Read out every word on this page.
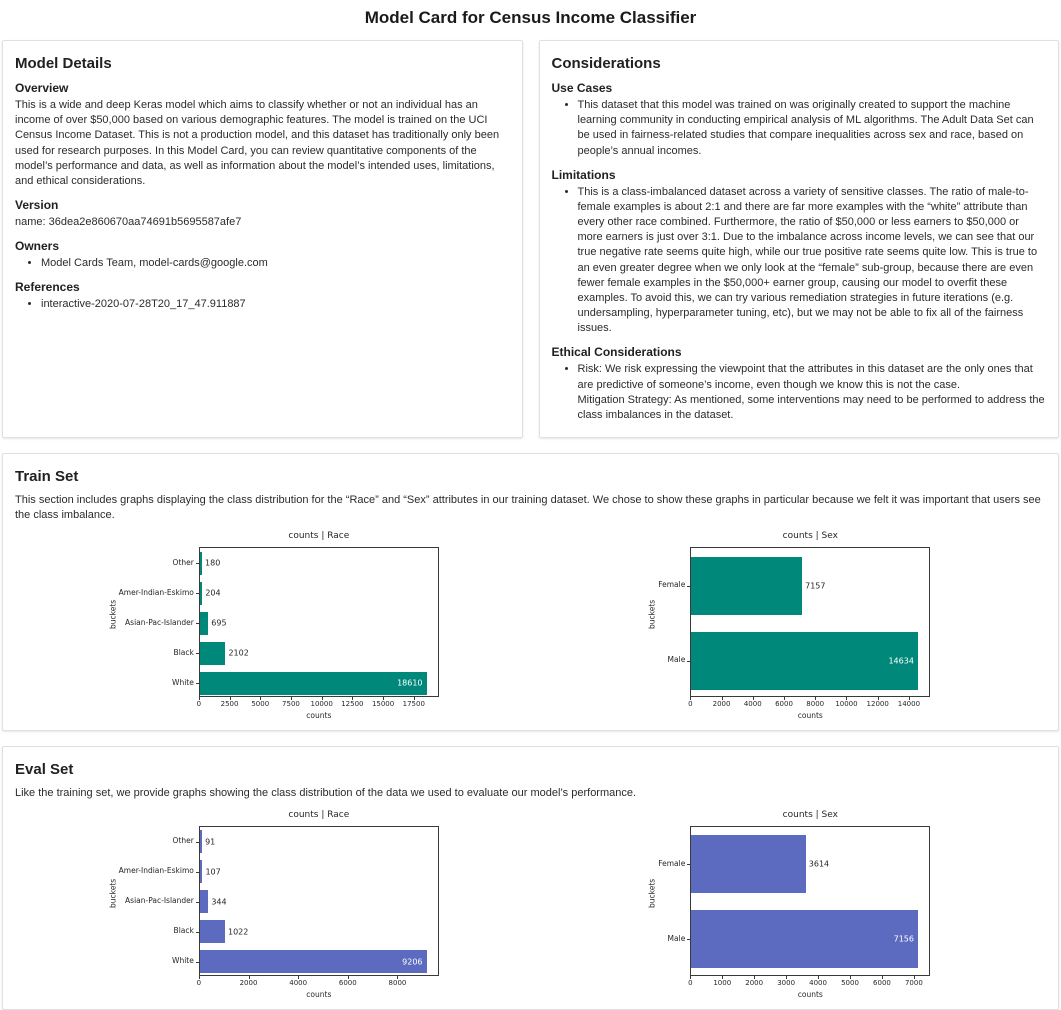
Model Card for Census Income Classifier
Model Details
Overview

This is a wide and deep Keras model which aims to classify whether or not an individual has an income of over $50,000 based on various demographic features. The model is trained on the UCI Census Income Dataset. This is not a production model, and this dataset has traditionally only been used for research purposes. In this Model Card, you can review quantitative components of the model’s performance and data, as well as information about the model’s intended uses, limitations, and ethical considerations.

Version

name: 36dea2e860670aa74691b5695587afe7

Owners
• Model Cards Team, model-cards@google.com
References
• interactive-2020-07-28T20_17_47.911887
Considerations
Use Cases
• This dataset that this model was trained on was originally created to support the machine learning community in conducting empirical analysis of ML algorithms. The Adult Data Set can be used in fairness-related studies that compare inequalities across sex and race, based on people’s annual incomes.
Limitations
• This is a class-imbalanced dataset across a variety of sensitive classes. The ratio of male-to-female examples is about 2:1 and there are far more examples with the “white” attribute than every other race combined. Furthermore, the ratio of $50,000 or less earners to $50,000 or more earners is just over 3:1. Due to the imbalance across income levels, we can see that our true negative rate seems quite high, while our true positive rate seems quite low. This is true to an even greater degree when we only look at the “female” sub-group, because there are even fewer female examples in the $50,000+ earner group, causing our model to overfit these examples. To avoid this, we can try various remediation strategies in future iterations (e.g. undersampling, hyperparameter tuning, etc), but we may not be able to fix all of the fairness issues.
Ethical Considerations
• Risk: We risk expressing the viewpoint that the attributes in this dataset are the only ones that are predictive of someone’s income, even though we know this is not the case.
Mitigation Strategy: As mentioned, some interventions may need to be performed to address the class imbalances in the dataset.
Train Set

This section includes graphs displaying the class distribution for the “Race” and “Sex” attributes in our training dataset. We chose to show these graphs in particular because we felt it was important that users see the class imbalance.

buckets
Other
Amer-Indian-Eskimo
Asian-Pac-Islander
Black
White
counts | Race
180
204
695
2102
18610
0	2500 5000 7500 10000 12500 15000 17500
counts
buckets
Female
Male
counts | Sex
7157
14634
0	2000 4000 6000 8000 10000 12000 14000
counts
Eval Set

Like the training set, we provide graphs showing the class distribution of the data we used to evaluate our model’s performance.

buckets
Other
Amer-Indian-Eskimo
Asian-Pac-Islander
Black
White
counts | Race
91
107
344
1022
9206
0	2000	4000	6000	8000
counts
buckets
Female
Male
counts | Sex
3614
7156
0	1000 2000 3000 4000 5000 6000 7000
counts
